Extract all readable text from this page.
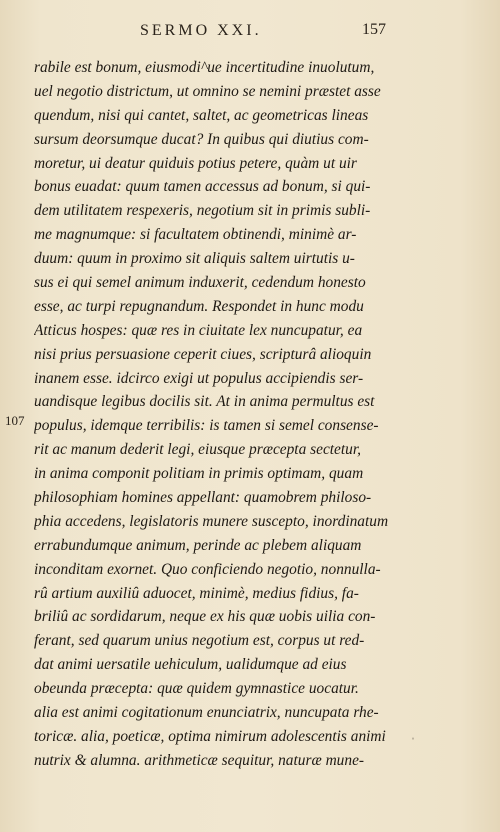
SERMO XXI.	157
107
rabile est bonum, eiusmodi^ue incertitudine inuolutum,
uel negotio districtum, ut omnino se nemini præstet asse
quendum, nisi qui cantet, saltet, ac geometricas lineas
sursum deorsumque ducat? In quibus qui diutius com-
moretur, ui deatur quiduis potius petere, quàm ut uir
bonus euadat: quum tamen accessus ad bonum, si qui-
dem utilitatem respexeris, negotium sit in primis subli-
me magnumque: si facultatem obtinendi, minimè ar-
duum: quum in proximo sit aliquis saltem uirtutis u-
sus ei qui semel animum induxerit, cedendum honesto
esse, ac turpi repugnandum. Respondet in hunc modu
Atticus hospes: quæ res in ciuitate lex nuncupatur, ea
nisi prius persuasione ceperit ciues, scripturâ alioquin
inanem esse. idcirco exigi ut populus accipiendis ser-
uandisque legibus docilis sit. At in anima permultus est
populus, idemque terribilis: is tamen si semel consense-
rit ac manum dederit legi, eiusque præcepta sectetur,
in anima componit politiam in primis optimam, quam
philosophiam homines appellant: quamobrem philoso-
phia accedens, legislatoris munere suscepto, inordinatum
errabundumque animum, perinde ac plebem aliquam
inconditam exornet. Quo conficiendo negotio, nonnulla-
rû artium auxiliû aduocet, minimè, medius fidius, fa-
briliû ac sordidarum, neque ex his quæ uobis uilia con-
ferant, sed quarum unius negotium est, corpus ut red-
dat animi uersatile uehiculum, ualidumque ad eius
obeunda præcepta: quæ quidem gymnastice uocatur.
alia est animi cogitationum enunciatrix, nuncupata rhe-
toricæ. alia, poeticæ, optima nimirum adolescentis animi
nutrix & alumna. arithmeticæ sequitur, naturæ mune-
ˈ
